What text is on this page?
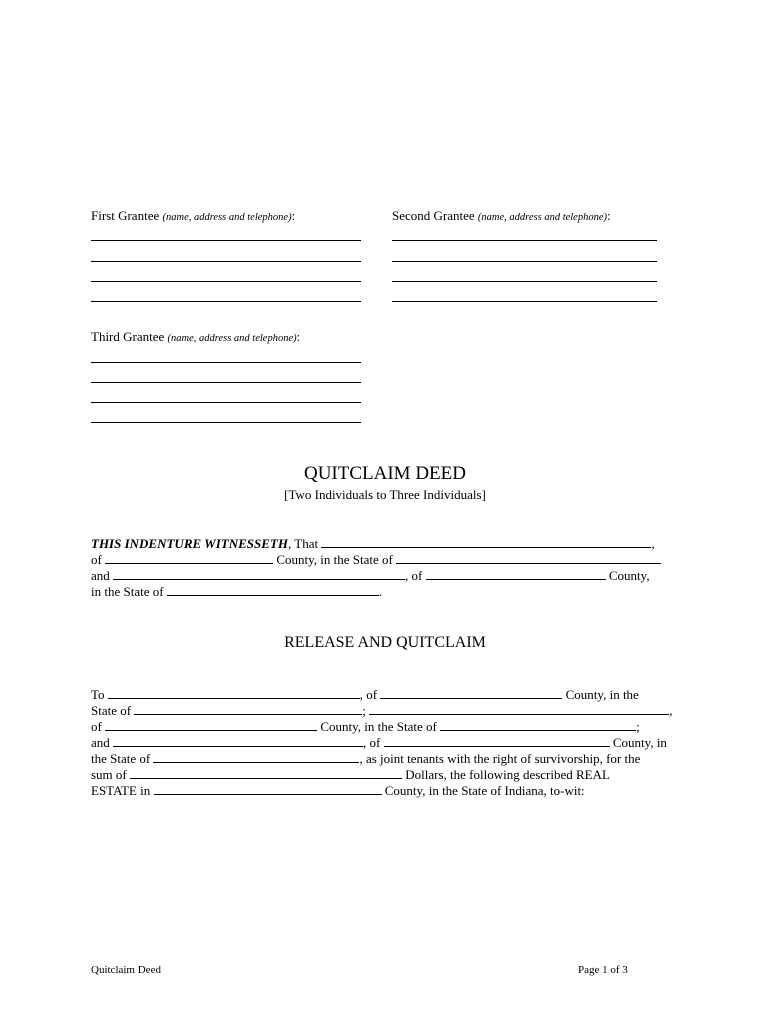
First Grantee (name, address and telephone):	Second Grantee (name, address and telephone):
Third Grantee (name, address and telephone):
QUITCLAIM DEED
[Two Individuals to Three Individuals]
THIS INDENTURE WITNESSETH, That	,
of	County, in the State of
and	, of	County,
in the State of	.
RELEASE AND QUITCLAIM
To	, of	County, in the
State of	;	,
of	County, in the State of	;
and	, of	County, in
the State of	, as joint tenants with the right of survivorship, for the
sum of	Dollars, the following described REAL
ESTATE in	County, in the State of Indiana, to-wit:
Quitclaim Deed	Page 1 of 3
